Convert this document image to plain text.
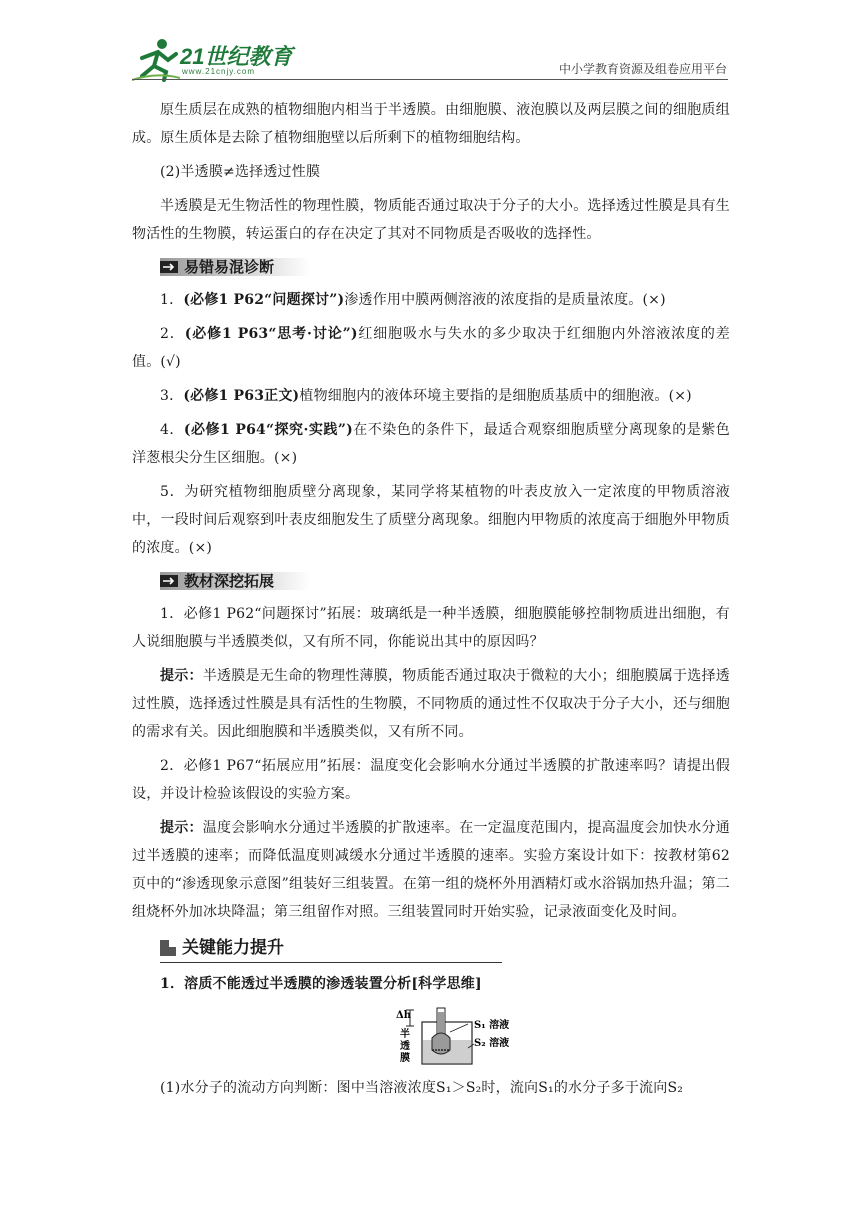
21世纪教育
www.21cnjy.com	中小学教育资源及组卷应用平台

原生质层在成熟的植物细胞内相当于半透膜。由细胞膜、液泡膜以及两层膜之间的细胞质组成。原生质体是去除了植物细胞壁以后所剩下的植物细胞结构。

(2)半透膜≠选择透过性膜

半透膜是无生物活性的物理性膜，物质能否通过取决于分子的大小。选择透过性膜是具有生物活性的生物膜，转运蛋白的存在决定了其对不同物质是否吸收的选择性。

易错易混诊断

1．(必修1 P62“问题探讨”)渗透作用中膜两侧溶液的浓度指的是质量浓度。(×)

2．(必修1 P63“思考·讨论”)红细胞吸水与失水的多少取决于红细胞内外溶液浓度的差值。(√)

3．(必修1 P63正文)植物细胞内的液体环境主要指的是细胞质基质中的细胞液。(×)

4．(必修1 P64“探究·实践”)在不染色的条件下，最适合观察细胞质壁分离现象的是紫色洋葱根尖分生区细胞。(×)

5．为研究植物细胞质壁分离现象，某同学将某植物的叶表皮放入一定浓度的甲物质溶液中，一段时间后观察到叶表皮细胞发生了质壁分离现象。细胞内甲物质的浓度高于细胞外甲物质的浓度。(×)

教材深挖拓展

1．必修1 P62“问题探讨”拓展：玻璃纸是一种半透膜，细胞膜能够控制物质进出细胞，有人说细胞膜与半透膜类似，又有所不同，你能说出其中的原因吗？

提示：半透膜是无生命的物理性薄膜，物质能否通过取决于微粒的大小；细胞膜属于选择透过性膜，选择透过性膜是具有活性的生物膜，不同物质的通过性不仅取决于分子大小，还与细胞的需求有关。因此细胞膜和半透膜类似，又有所不同。

2．必修1 P67“拓展应用”拓展：温度变化会影响水分通过半透膜的扩散速率吗？请提出假设，并设计检验该假设的实验方案。

提示：温度会影响水分通过半透膜的扩散速率。在一定温度范围内，提高温度会加快水分通过半透膜的速率；而降低温度则减缓水分通过半透膜的速率。实验方案设计如下：按教材第62页中的“渗透现象示意图”组装好三组装置。在第一组的烧杯外用酒精灯或水浴锅加热升温；第二组烧杯外加冰块降温；第三组留作对照。三组装置同时开始实验，记录液面变化及时间。

关键能力提升

1．溶质不能透过半透膜的渗透装置分析[科学思维]

Δh
半 透 膜
S₁ 溶液
S₂ 溶液

(1)水分子的流动方向判断：图中当溶液浓度S₁＞S₂时，流向S₁的水分子多于流向S₂
